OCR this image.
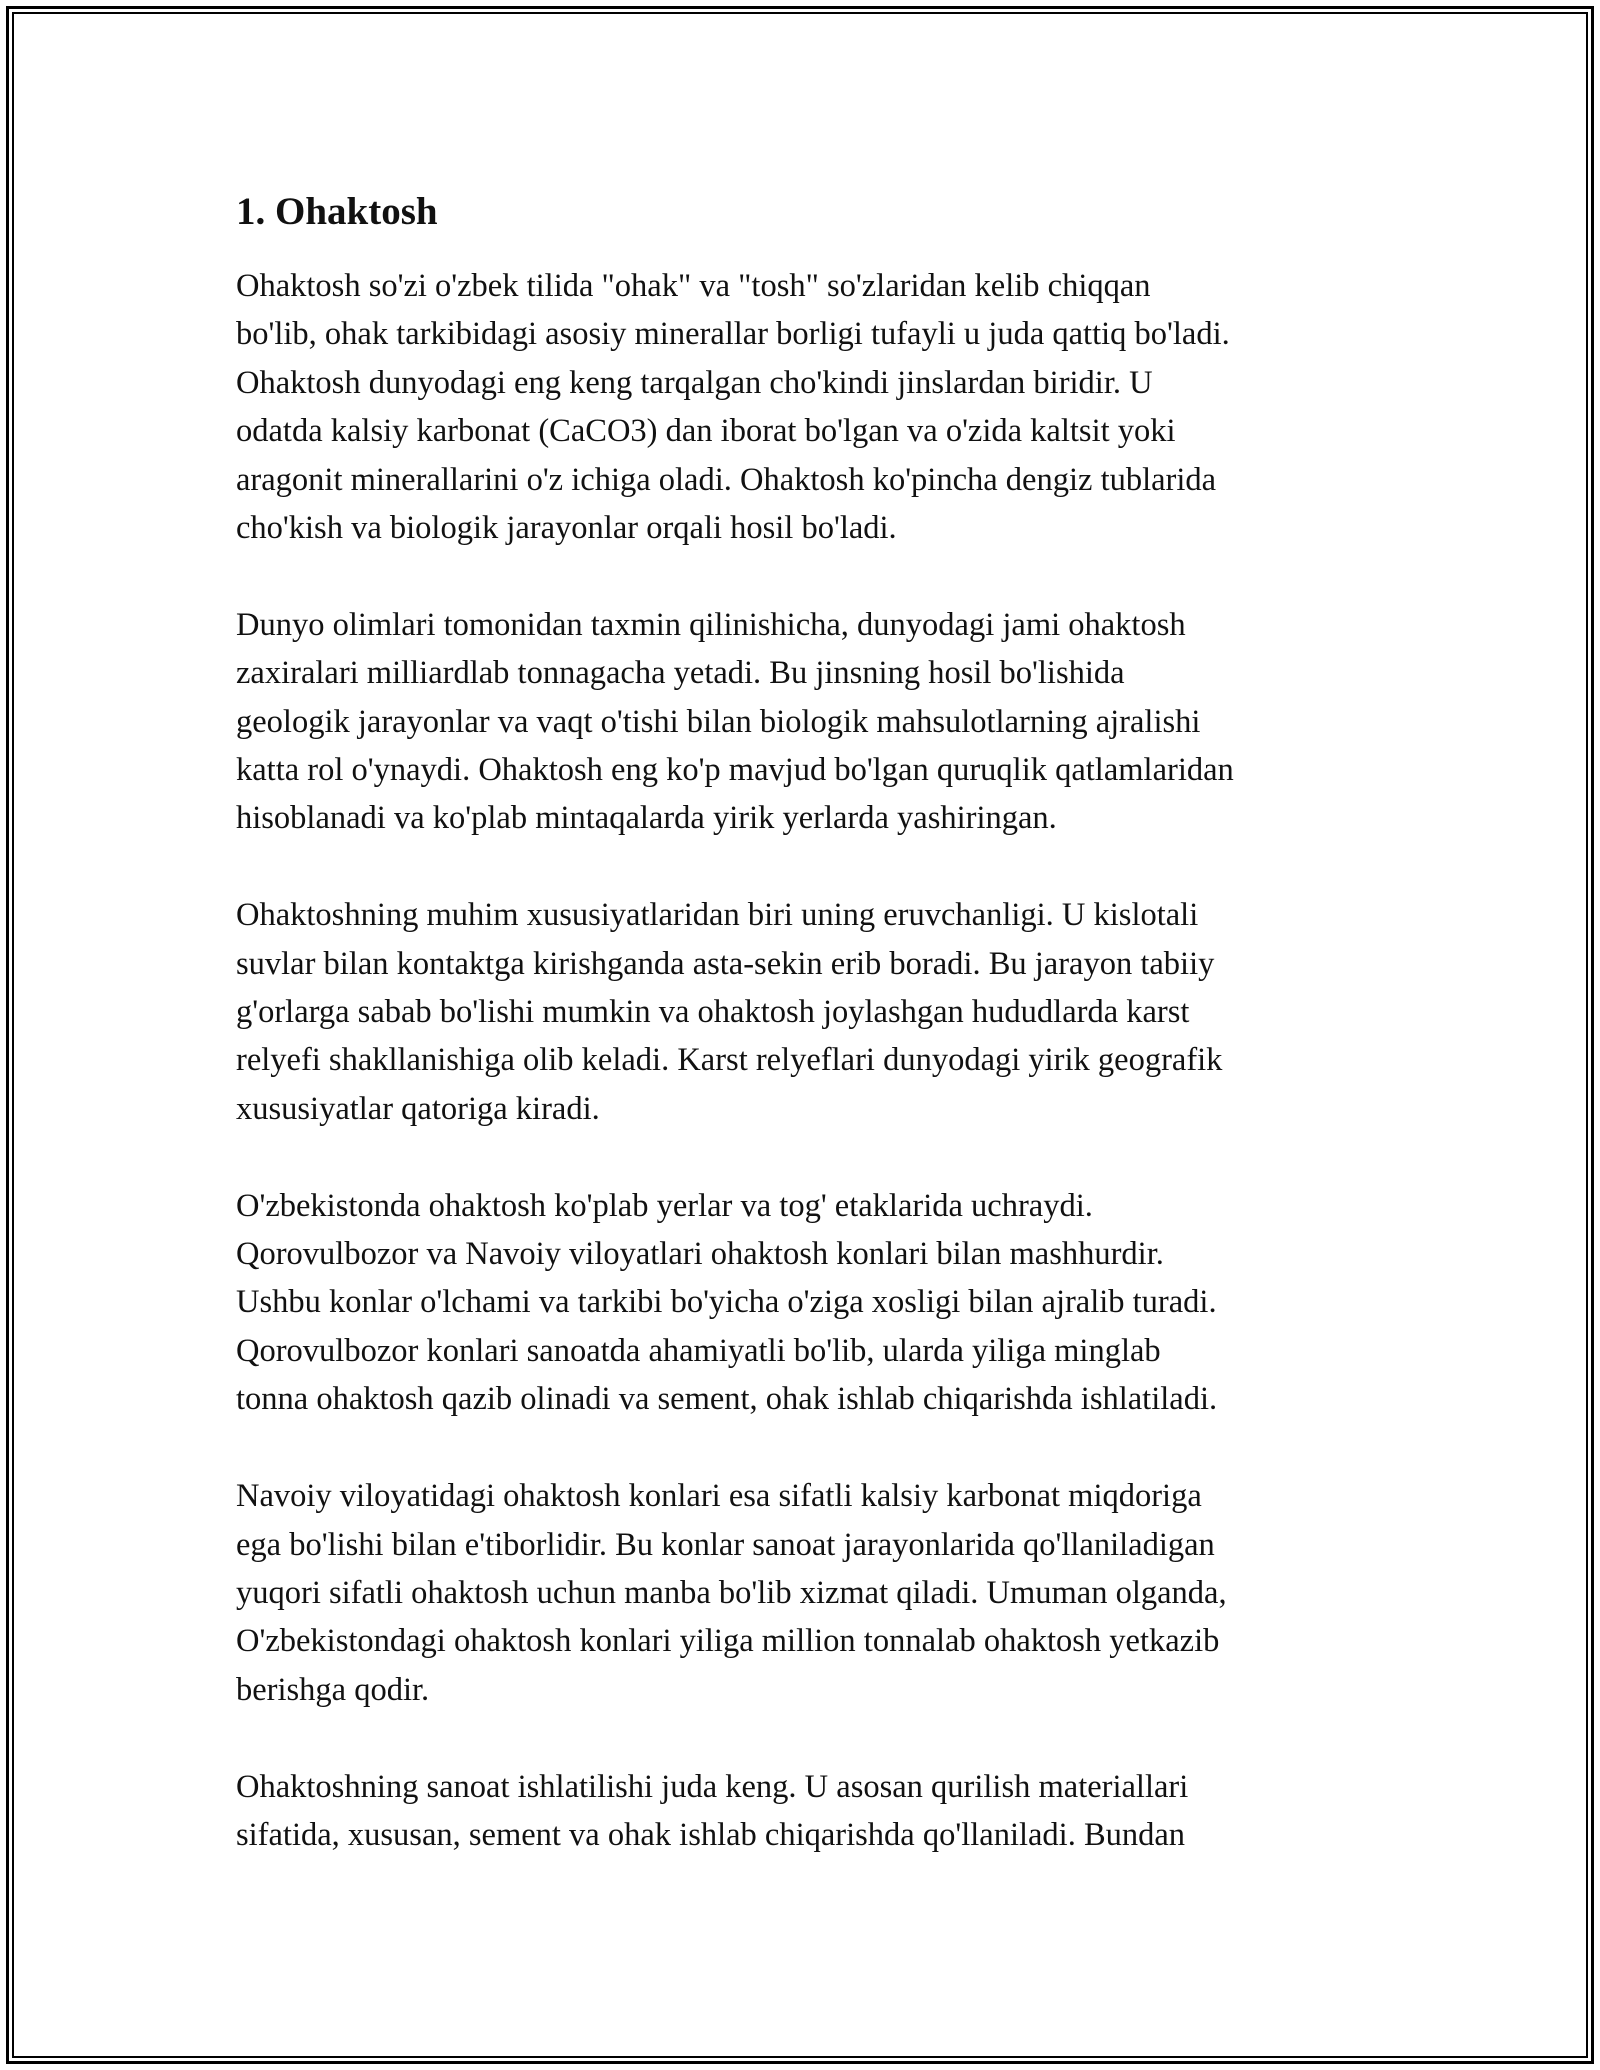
1. Ohaktosh

Ohaktosh so'zi o'zbek tilida "ohak" va "tosh" so'zlaridan kelib chiqqan
bo'lib, ohak tarkibidagi asosiy minerallar borligi tufayli u juda qattiq bo'ladi.
Ohaktosh dunyodagi eng keng tarqalgan cho'kindi jinslardan biridir. U
odatda kalsiy karbonat (CaCO3) dan iborat bo'lgan va o'zida kaltsit yoki
aragonit minerallarini o'z ichiga oladi. Ohaktosh ko'pincha dengiz tublarida
cho'kish va biologik jarayonlar orqali hosil bo'ladi.

Dunyo olimlari tomonidan taxmin qilinishicha, dunyodagi jami ohaktosh
zaxiralari milliardlab tonnagacha yetadi. Bu jinsning hosil bo'lishida
geologik jarayonlar va vaqt o'tishi bilan biologik mahsulotlarning ajralishi
katta rol o'ynaydi. Ohaktosh eng ko'p mavjud bo'lgan quruqlik qatlamlaridan
hisoblanadi va ko'plab mintaqalarda yirik yerlarda yashiringan.

Ohaktoshning muhim xususiyatlaridan biri uning eruvchanligi. U kislotali
suvlar bilan kontaktga kirishganda asta-sekin erib boradi. Bu jarayon tabiiy
g'orlarga sabab bo'lishi mumkin va ohaktosh joylashgan hududlarda karst
relyefi shakllanishiga olib keladi. Karst relyeflari dunyodagi yirik geografik
xususiyatlar qatoriga kiradi.

O'zbekistonda ohaktosh ko'plab yerlar va tog' etaklarida uchraydi.
Qorovulbozor va Navoiy viloyatlari ohaktosh konlari bilan mashhurdir.
Ushbu konlar o'lchami va tarkibi bo'yicha o'ziga xosligi bilan ajralib turadi.
Qorovulbozor konlari sanoatda ahamiyatli bo'lib, ularda yiliga minglab
tonna ohaktosh qazib olinadi va sement, ohak ishlab chiqarishda ishlatiladi.

Navoiy viloyatidagi ohaktosh konlari esa sifatli kalsiy karbonat miqdoriga
ega bo'lishi bilan e'tiborlidir. Bu konlar sanoat jarayonlarida qo'llaniladigan
yuqori sifatli ohaktosh uchun manba bo'lib xizmat qiladi. Umuman olganda,
O'zbekistondagi ohaktosh konlari yiliga million tonnalab ohaktosh yetkazib
berishga qodir.

Ohaktoshning sanoat ishlatilishi juda keng. U asosan qurilish materiallari
sifatida, xususan, sement va ohak ishlab chiqarishda qo'llaniladi. Bundan
